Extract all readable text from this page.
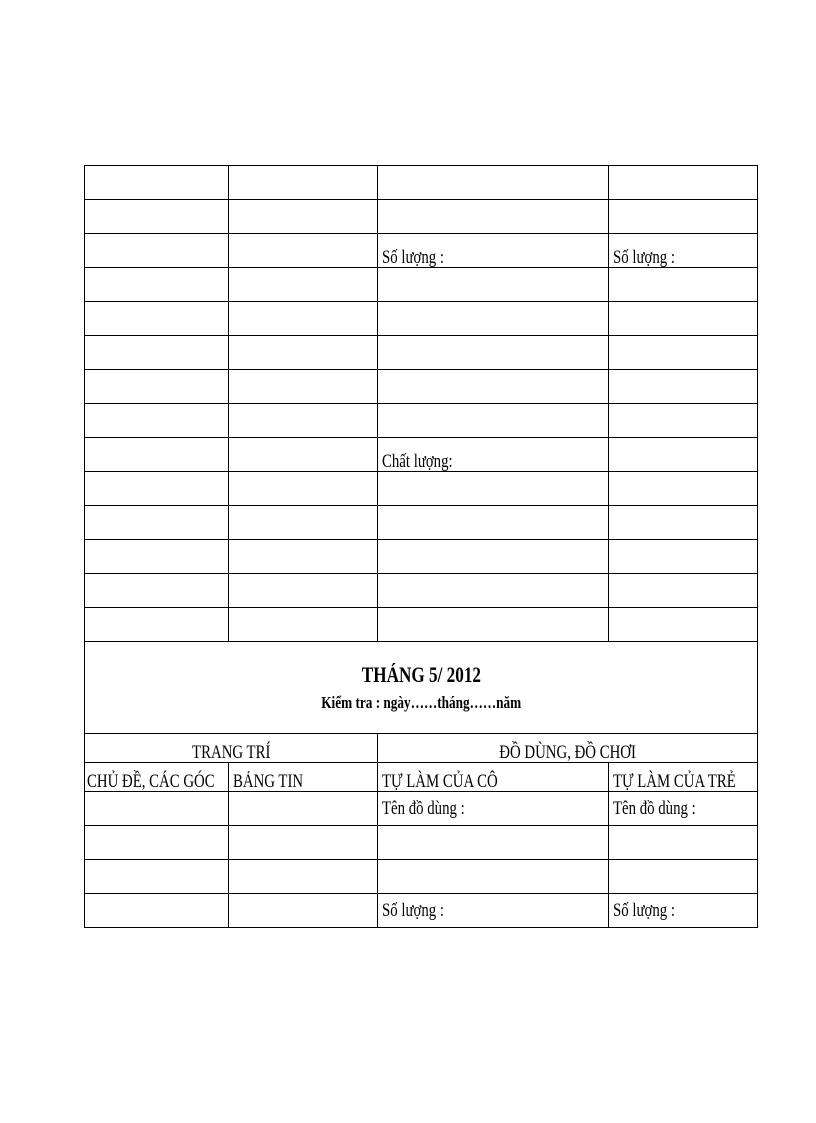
		Số lượng :	Số lượng :

		Chất lượng:	

THÁNG 5/ 2012
Kiểm tra : ngày……tháng……năm			

TRANG TRÍ		ĐỒ DÙNG, ĐỒ CHƠI	
CHỦ ĐỀ, CÁC GÓC	BẢNG TIN	TỰ LÀM CỦA CÔ	TỰ LÀM CỦA TRẺ
		Tên đồ dùng :	Tên đồ dùng :

		Số lượng :	Số lượng :
